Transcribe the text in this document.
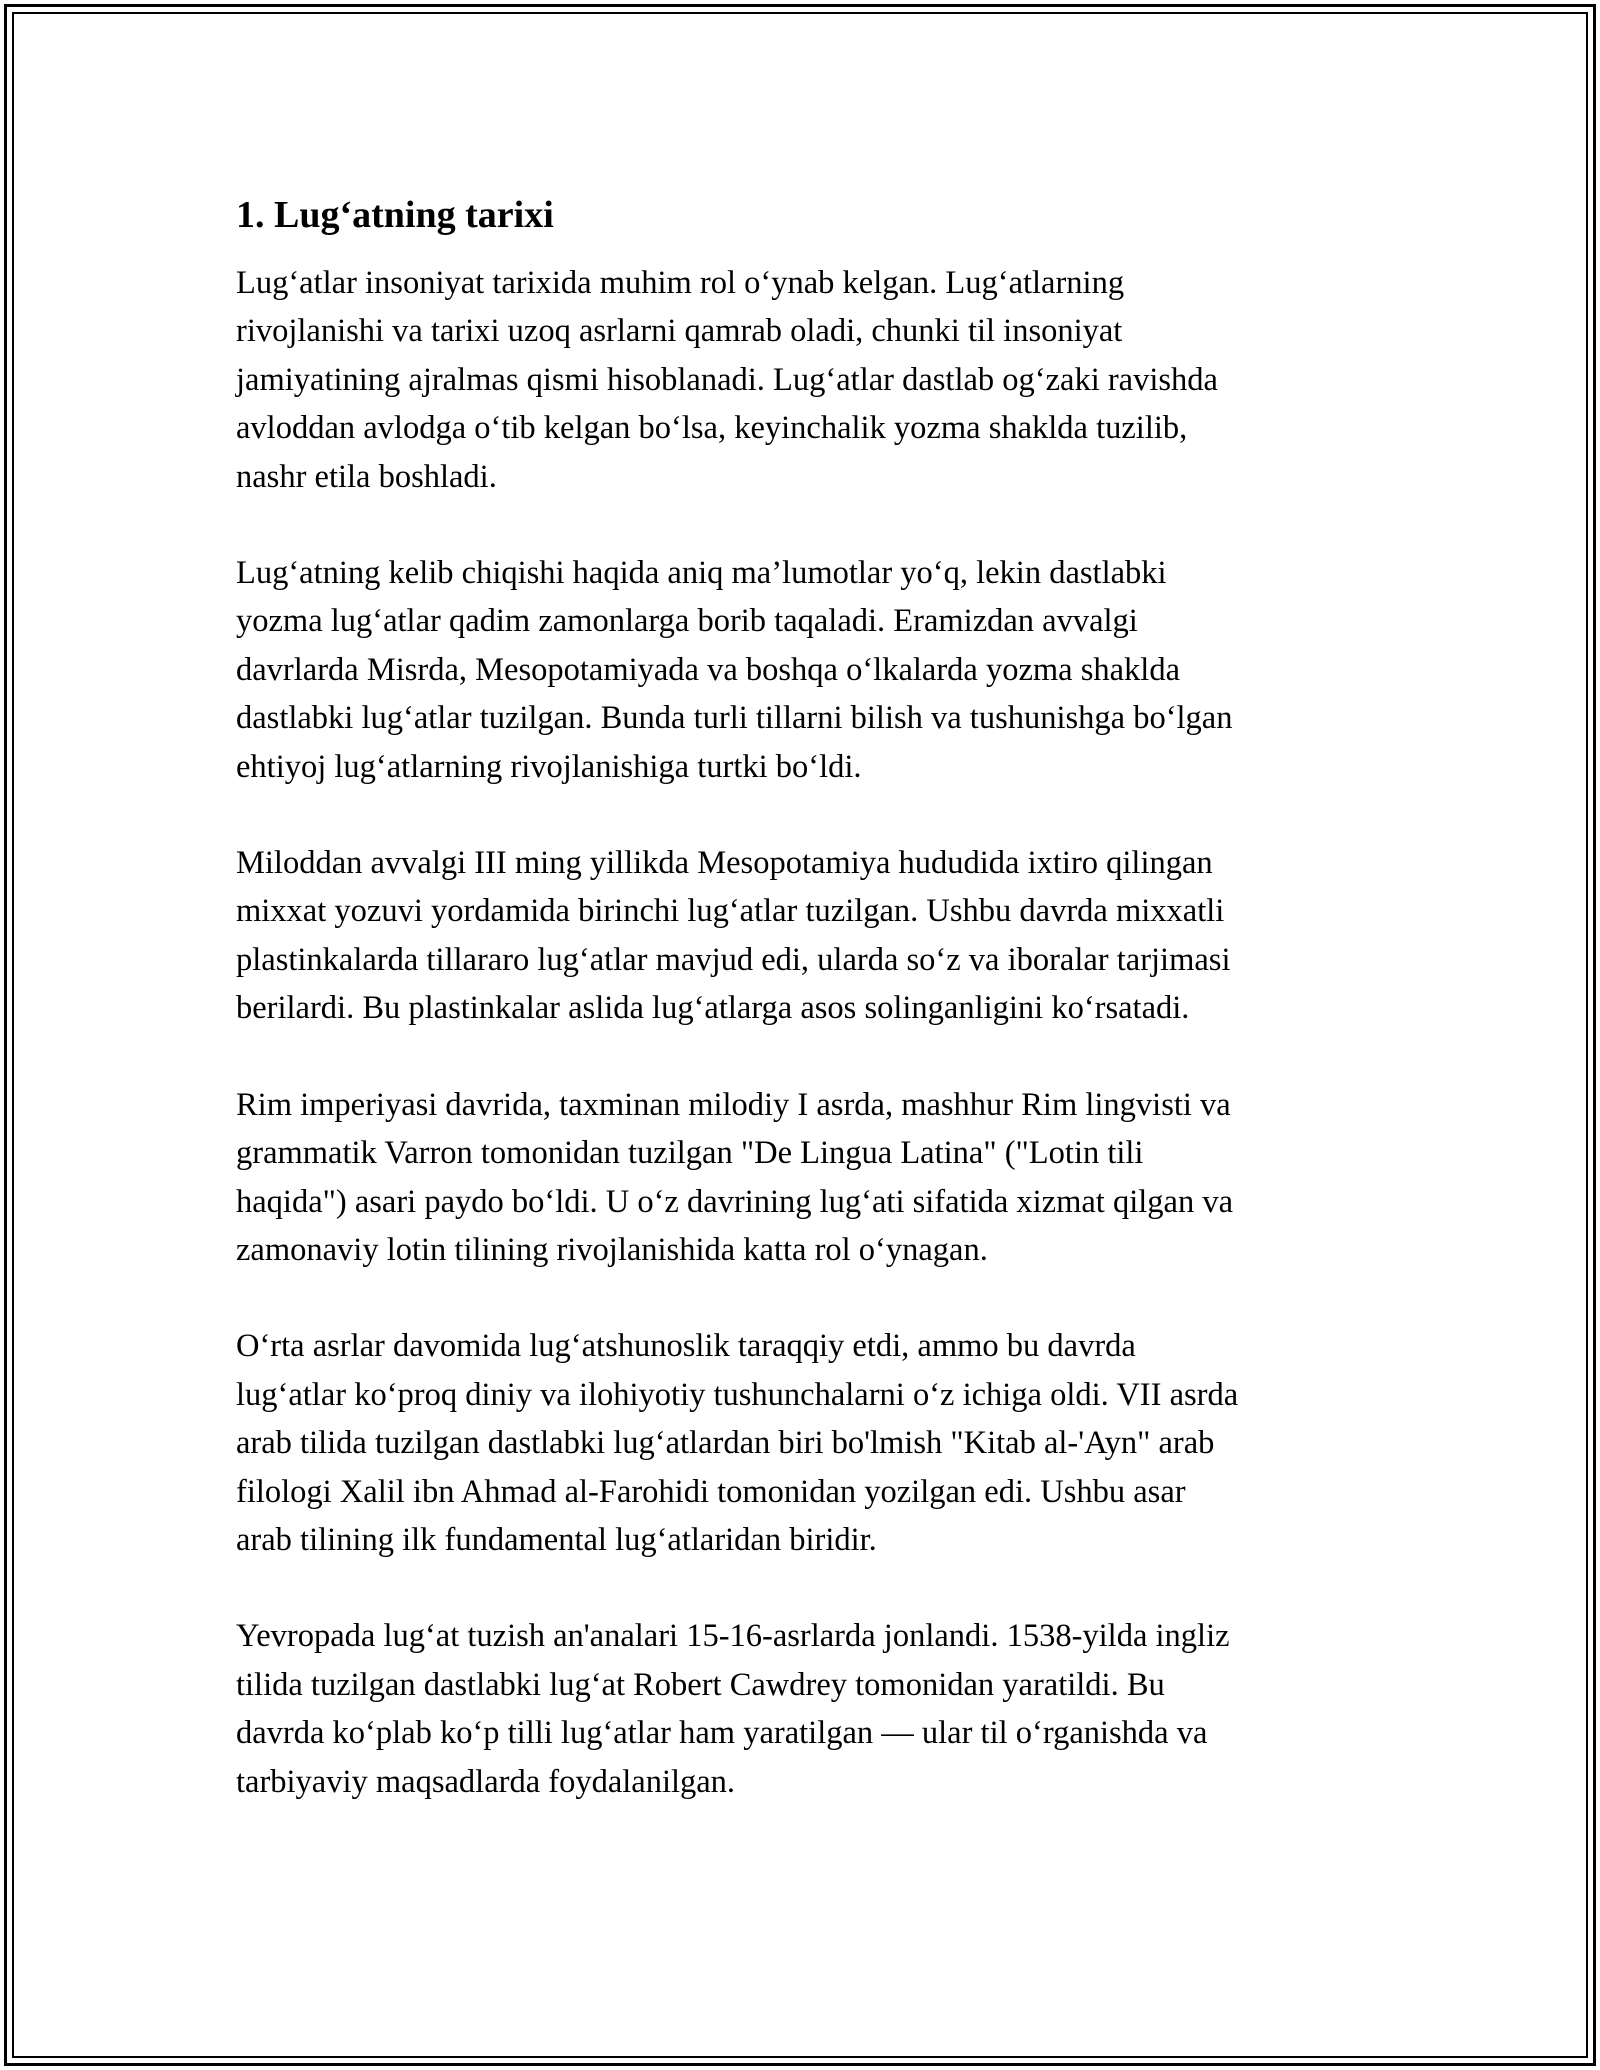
1. Lug‘atning tarixi

Lug‘atlar insoniyat tarixida muhim rol o‘ynab kelgan. Lug‘atlarning
rivojlanishi va tarixi uzoq asrlarni qamrab oladi, chunki til insoniyat
jamiyatining ajralmas qismi hisoblanadi. Lug‘atlar dastlab og‘zaki ravishda
avloddan avlodga o‘tib kelgan bo‘lsa, keyinchalik yozma shaklda tuzilib,
nashr etila boshladi.

Lug‘atning kelib chiqishi haqida aniq ma’lumotlar yo‘q, lekin dastlabki
yozma lug‘atlar qadim zamonlarga borib taqaladi. Eramizdan avvalgi
davrlarda Misrda, Mesopotamiyada va boshqa o‘lkalarda yozma shaklda
dastlabki lug‘atlar tuzilgan. Bunda turli tillarni bilish va tushunishga bo‘lgan
ehtiyoj lug‘atlarning rivojlanishiga turtki bo‘ldi.

Miloddan avvalgi III ming yillikda Mesopotamiya hududida ixtiro qilingan
mixxat yozuvi yordamida birinchi lug‘atlar tuzilgan. Ushbu davrda mixxatli
plastinkalarda tillararo lug‘atlar mavjud edi, ularda so‘z va iboralar tarjimasi
berilardi. Bu plastinkalar aslida lug‘atlarga asos solinganligini ko‘rsatadi.

Rim imperiyasi davrida, taxminan milodiy I asrda, mashhur Rim lingvisti va
grammatik Varron tomonidan tuzilgan "De Lingua Latina" ("Lotin tili
haqida") asari paydo bo‘ldi. U o‘z davrining lug‘ati sifatida xizmat qilgan va
zamonaviy lotin tilining rivojlanishida katta rol o‘ynagan.

O‘rta asrlar davomida lug‘atshunoslik taraqqiy etdi, ammo bu davrda
lug‘atlar ko‘proq diniy va ilohiyotiy tushunchalarni o‘z ichiga oldi. VII asrda
arab tilida tuzilgan dastlabki lug‘atlardan biri bo'lmish "Kitab al-'Ayn" arab
filologi Xalil ibn Ahmad al-Farohidi tomonidan yozilgan edi. Ushbu asar
arab tilining ilk fundamental lug‘atlaridan biridir.

Yevropada lug‘at tuzish an'analari 15-16-asrlarda jonlandi. 1538-yilda ingliz
tilida tuzilgan dastlabki lug‘at Robert Cawdrey tomonidan yaratildi. Bu
davrda ko‘plab ko‘p tilli lug‘atlar ham yaratilgan — ular til o‘rganishda va
tarbiyaviy maqsadlarda foydalanilgan.
